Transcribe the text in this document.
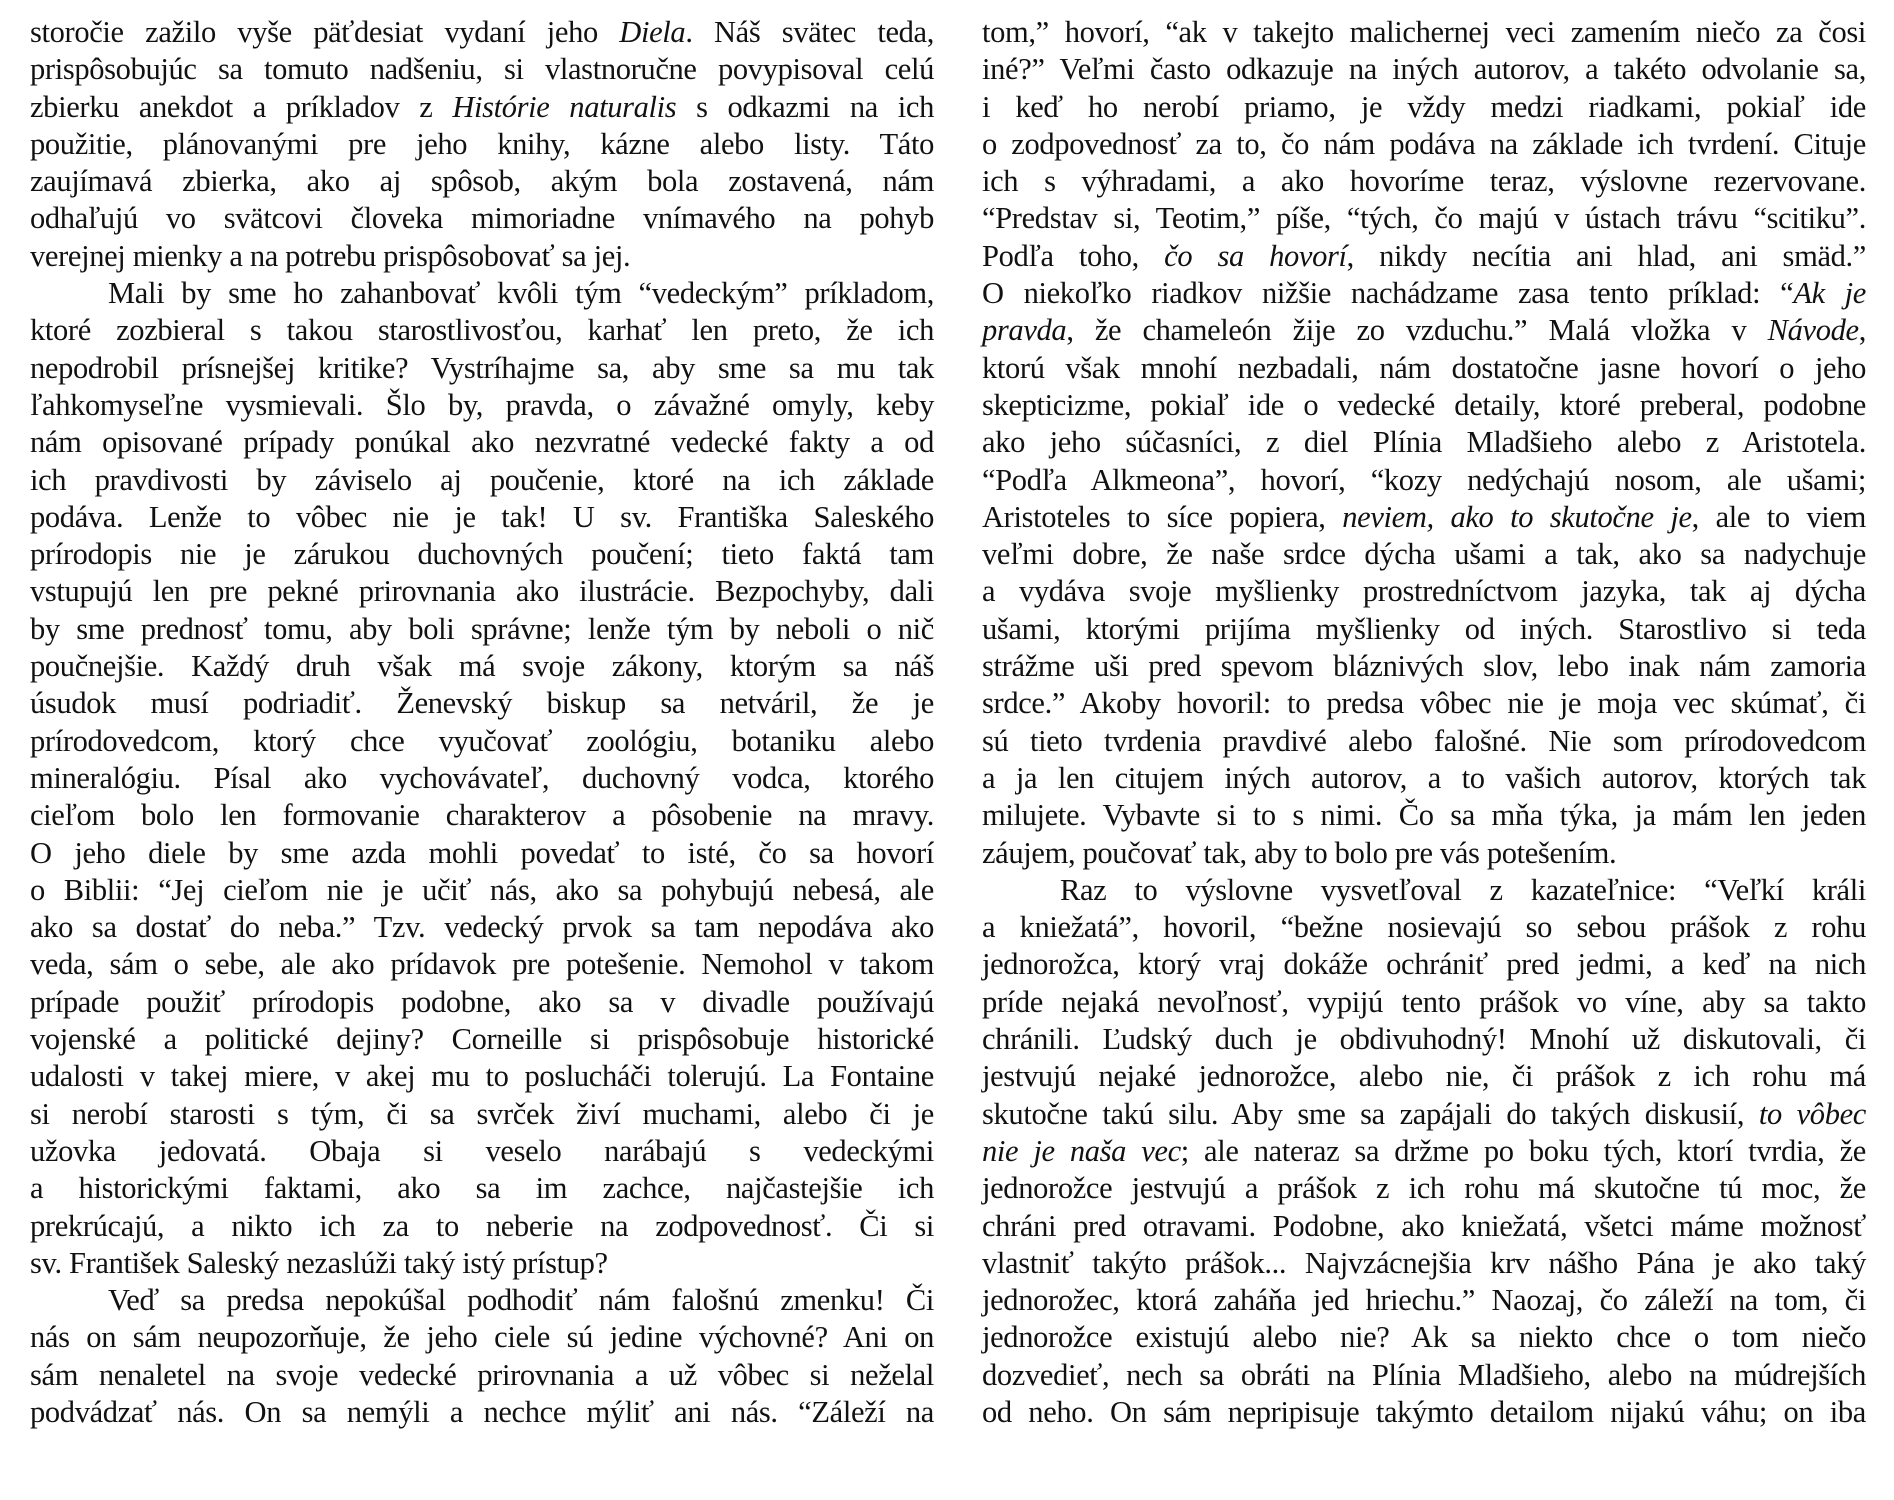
storočie zažilo vyše päťdesiat vydaní jeho Diela. Náš svätec teda,
prispôsobujúc sa tomuto nadšeniu, si vlastnoručne povypisoval celú
zbierku anekdot a príkladov z Histórie naturalis s odkazmi na ich
použitie, plánovanými pre jeho knihy, kázne alebo listy. Táto
zaujímavá zbierka, ako aj spôsob, akým bola zostavená, nám
odhaľujú vo svätcovi človeka mimoriadne vnímavého na pohyb
verejnej mienky a na potrebu prispôsobovať sa jej.
Mali by sme ho zahanbovať kvôli tým “vedeckým” príkladom,
ktoré zozbieral s takou starostlivosťou, karhať len preto, že ich
nepodrobil prísnejšej kritike? Vystríhajme sa, aby sme sa mu tak
ľahkomyseľne vysmievali. Šlo by, pravda, o závažné omyly, keby
nám opisované prípady ponúkal ako nezvratné vedecké fakty a od
ich pravdivosti by záviselo aj poučenie, ktoré na ich základe
podáva. Lenže to vôbec nie je tak! U sv. Františka Saleského
prírodopis nie je zárukou duchovných poučení; tieto faktá tam
vstupujú len pre pekné prirovnania ako ilustrácie. Bezpochyby, dali
by sme prednosť tomu, aby boli správne; lenže tým by neboli o nič
poučnejšie. Každý druh však má svoje zákony, ktorým sa náš
úsudok musí podriadiť. Ženevský biskup sa netváril, že je
prírodovedcom, ktorý chce vyučovať zoológiu, botaniku alebo
mineralógiu. Písal ako vychovávateľ, duchovný vodca, ktorého
cieľom bolo len formovanie charakterov a pôsobenie na mravy.
O jeho diele by sme azda mohli povedať to isté, čo sa hovorí
o Biblii: “Jej cieľom nie je učiť nás, ako sa pohybujú nebesá, ale
ako sa dostať do neba.” Tzv. vedecký prvok sa tam nepodáva ako
veda, sám o sebe, ale ako prídavok pre potešenie. Nemohol v takom
prípade použiť prírodopis podobne, ako sa v divadle používajú
vojenské a politické dejiny? Corneille si prispôsobuje historické
udalosti v takej miere, v akej mu to poslucháči tolerujú. La Fontaine
si nerobí starosti s tým, či sa svrček živí muchami, alebo či je
užovka jedovatá. Obaja si veselo narábajú s vedeckými
a historickými faktami, ako sa im zachce, najčastejšie ich
prekrúcajú, a nikto ich za to neberie na zodpovednosť. Či si
sv. František Saleský nezaslúži taký istý prístup?
Veď sa predsa nepokúšal podhodiť nám falošnú zmenku! Či
nás on sám neupozorňuje, že jeho ciele sú jedine výchovné? Ani on
sám nenaletel na svoje vedecké prirovnania a už vôbec si neželal
podvádzať nás. On sa nemýli a nechce mýliť ani nás. “Záleží na
tom,” hovorí, “ak v takejto malichernej veci zamením niečo za čosi
iné?” Veľmi často odkazuje na iných autorov, a takéto odvolanie sa,
i keď ho nerobí priamo, je vždy medzi riadkami, pokiaľ ide
o zodpovednosť za to, čo nám podáva na základe ich tvrdení. Cituje
ich s výhradami, a ako hovoríme teraz, výslovne rezervovane.
“Predstav si, Teotim,” píše, “tých, čo majú v ústach trávu “scitiku”.
Podľa toho, čo sa hovorí, nikdy necítia ani hlad, ani smäd.”
O niekoľko riadkov nižšie nachádzame zasa tento príklad: “Ak je
pravda, že chameleón žije zo vzduchu.” Malá vložka v Návode,
ktorú však mnohí nezbadali, nám dostatočne jasne hovorí o jeho
skepticizme, pokiaľ ide o vedecké detaily, ktoré preberal, podobne
ako jeho súčasníci, z diel Plínia Mladšieho alebo z Aristotela.
“Podľa Alkmeona”, hovorí, “kozy nedýchajú nosom, ale ušami;
Aristoteles to síce popiera, neviem, ako to skutočne je, ale to viem
veľmi dobre, že naše srdce dýcha ušami a tak, ako sa nadychuje
a vydáva svoje myšlienky prostredníctvom jazyka, tak aj dýcha
ušami, ktorými prijíma myšlienky od iných. Starostlivo si teda
strážme uši pred spevom bláznivých slov, lebo inak nám zamoria
srdce.” Akoby hovoril: to predsa vôbec nie je moja vec skúmať, či
sú tieto tvrdenia pravdivé alebo falošné. Nie som prírodovedcom
a ja len citujem iných autorov, a to vašich autorov, ktorých tak
milujete. Vybavte si to s nimi. Čo sa mňa týka, ja mám len jeden
záujem, poučovať tak, aby to bolo pre vás potešením.
Raz to výslovne vysvetľoval z kazateľnice: “Veľkí králi
a kniežatá”, hovoril, “bežne nosievajú so sebou prášok z rohu
jednorožca, ktorý vraj dokáže ochrániť pred jedmi, a keď na nich
príde nejaká nevoľnosť, vypijú tento prášok vo víne, aby sa takto
chránili. Ľudský duch je obdivuhodný! Mnohí už diskutovali, či
jestvujú nejaké jednorožce, alebo nie, či prášok z ich rohu má
skutočne takú silu. Aby sme sa zapájali do takých diskusií, to vôbec
nie je naša vec; ale nateraz sa držme po boku tých, ktorí tvrdia, že
jednorožce jestvujú a prášok z ich rohu má skutočne tú moc, že
chráni pred otravami. Podobne, ako kniežatá, všetci máme možnosť
vlastniť takýto prášok... Najvzácnejšia krv nášho Pána je ako taký
jednorožec, ktorá zaháňa jed hriechu.” Naozaj, čo záleží na tom, či
jednorožce existujú alebo nie? Ak sa niekto chce o tom niečo
dozvedieť, nech sa obráti na Plínia Mladšieho, alebo na múdrejších
od neho. On sám nepripisuje takýmto detailom nijakú váhu; on iba
